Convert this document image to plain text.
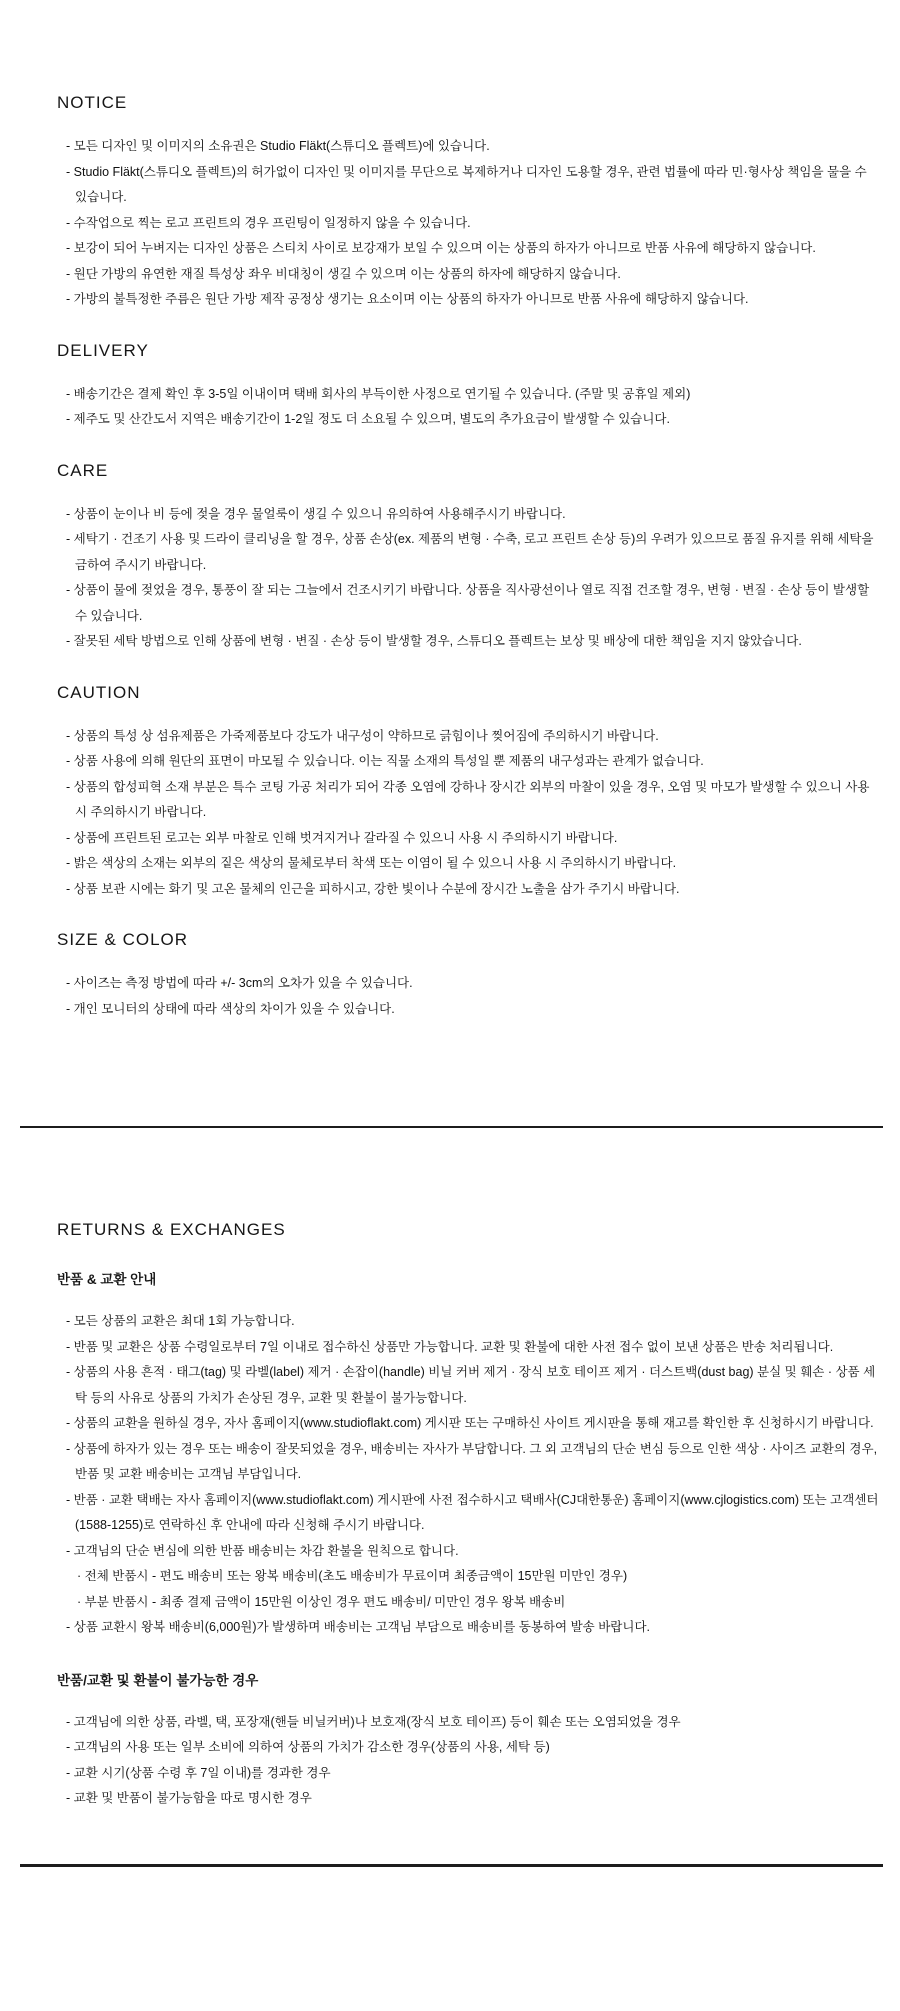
NOTICE
- 모든 디자인 및 이미지의 소유권은 Studio Fläkt(스튜디오 플렉트)에 있습니다.
- Studio Fläkt(스튜디오 플렉트)의 허가없이 디자인 및 이미지를 무단으로 복제하거나 디자인 도용할 경우, 관련 법률에 따라 민·형사상 책임을 물을 수 있습니다.
- 수작업으로 찍는 로고 프린트의 경우 프린팅이 일정하지 않을 수 있습니다.
- 보강이 되어 누벼지는 디자인 상품은 스티치 사이로 보강재가 보일 수 있으며 이는 상품의 하자가 아니므로 반품 사유에 해당하지 않습니다.
- 원단 가방의 유연한 재질 특성상 좌우 비대칭이 생길 수 있으며 이는 상품의 하자에 해당하지 않습니다.
- 가방의 불특정한 주름은 원단 가방 제작 공정상 생기는 요소이며 이는 상품의 하자가 아니므로 반품 사유에 해당하지 않습니다.
DELIVERY
- 배송기간은 결제 확인 후 3-5일 이내이며 택배 회사의 부득이한 사정으로 연기될 수 있습니다. (주말 및 공휴일 제외)
- 제주도 및 산간도서 지역은 배송기간이 1-2일 정도 더 소요될 수 있으며, 별도의 추가요금이 발생할 수 있습니다.
CARE
- 상품이 눈이나 비 등에 젖을 경우 물얼룩이 생길 수 있으니 유의하여 사용해주시기 바랍니다.
- 세탁기 · 건조기 사용 및 드라이 클리닝을 할 경우, 상품 손상(ex. 제품의 변형 · 수축, 로고 프린트 손상 등)의 우려가 있으므로 품질 유지를 위해 세탁을 금하여 주시기 바랍니다.
- 상품이 물에 젖었을 경우, 통풍이 잘 되는 그늘에서 건조시키기 바랍니다. 상품을 직사광선이나 열로 직접 건조할 경우, 변형 · 변질 · 손상 등이 발생할 수 있습니다.
- 잘못된 세탁 방법으로 인해 상품에 변형 · 변질 · 손상 등이 발생할 경우, 스튜디오 플렉트는 보상 및 배상에 대한 책임을 지지 않았습니다.
CAUTION
- 상품의 특성 상 섬유제품은 가죽제품보다 강도가 내구성이 약하므로 긁힘이나 찢어짐에 주의하시기 바랍니다.
- 상품 사용에 의해 원단의 표면이 마모될 수 있습니다. 이는 직물 소재의 특성일 뿐 제품의 내구성과는 관계가 없습니다.
- 상품의 합성피혁 소재 부분은 특수 코팅 가공 처리가 되어 각종 오염에 강하나 장시간 외부의 마찰이 있을 경우, 오염 및 마모가 발생할 수 있으니 사용 시 주의하시기 바랍니다.
- 상품에 프린트된 로고는 외부 마찰로 인해 벗겨지거나 갈라질 수 있으니 사용 시 주의하시기 바랍니다.
- 밝은 색상의 소재는 외부의 짙은 색상의 물체로부터 착색 또는 이염이 될 수 있으니 사용 시 주의하시기 바랍니다.
- 상품 보관 시에는 화기 및 고온 물체의 인근을 피하시고, 강한 빛이나 수분에 장시간 노출을 삼가 주기시 바랍니다.
SIZE & COLOR
- 사이즈는 측정 방법에 따라 +/- 3cm의 오차가 있을 수 있습니다.
- 개인 모니터의 상태에 따라 색상의 차이가 있을 수 있습니다.
RETURNS & EXCHANGES
반품 & 교환 안내
- 모든 상품의 교환은 최대 1회 가능합니다.
- 반품 및 교환은 상품 수령일로부터 7일 이내로 접수하신 상품만 가능합니다. 교환 및 환불에 대한 사전 접수 없이 보낸 상품은 반송 처리됩니다.
- 상품의 사용 흔적 · 태그(tag) 및 라벨(label) 제거 · 손잡이(handle) 비닐 커버 제거 · 장식 보호 테이프 제거 · 더스트백(dust bag) 분실 및 훼손 · 상품 세탁 등의 사유로 상품의 가치가 손상된 경우, 교환 및 환불이 불가능합니다.
- 상품의 교환을 원하실 경우, 자사 홈페이지(www.studioflakt.com) 게시판 또는 구매하신 사이트 게시판을 통해 재고를 확인한 후 신청하시기 바랍니다.
- 상품에 하자가 있는 경우 또는 배송이 잘못되었을 경우, 배송비는 자사가 부담합니다. 그 외 고객님의 단순 변심 등으로 인한 색상 · 사이즈 교환의 경우, 반품 및 교환 배송비는 고객님 부담입니다.
- 반품 · 교환 택배는 자사 홈페이지(www.studioflakt.com) 게시판에 사전 접수하시고 택배사(CJ대한통운) 홈페이지(www.cjlogistics.com) 또는 고객센터(1588-1255)로 연락하신 후 안내에 따라 신청해 주시기 바랍니다.
- 고객님의 단순 변심에 의한 반품 배송비는 차감 환불을 원칙으로 합니다.
· 전체 반품시 - 편도 배송비 또는 왕복 배송비(초도 배송비가 무료이며 최종금액이 15만원 미만인 경우)
· 부분 반품시 - 최종 결제 금액이 15만원 이상인 경우 편도 배송비/ 미만인 경우 왕복 배송비
- 상품 교환시 왕복 배송비(6,000원)가 발생하며 배송비는 고객님 부담으로 배송비를 동봉하여 발송 바랍니다.
반품/교환 및 환불이 불가능한 경우
- 고객님에 의한 상품, 라벨, 택, 포장재(핸들 비닐커버)나 보호재(장식 보호 테이프) 등이 훼손 또는 오염되었을 경우
- 고객님의 사용 또는 일부 소비에 의하여 상품의 가치가 감소한 경우(상품의 사용, 세탁 등)
- 교환 시기(상품 수령 후 7일 이내)를 경과한 경우
- 교환 및 반품이 불가능함을 따로 명시한 경우
